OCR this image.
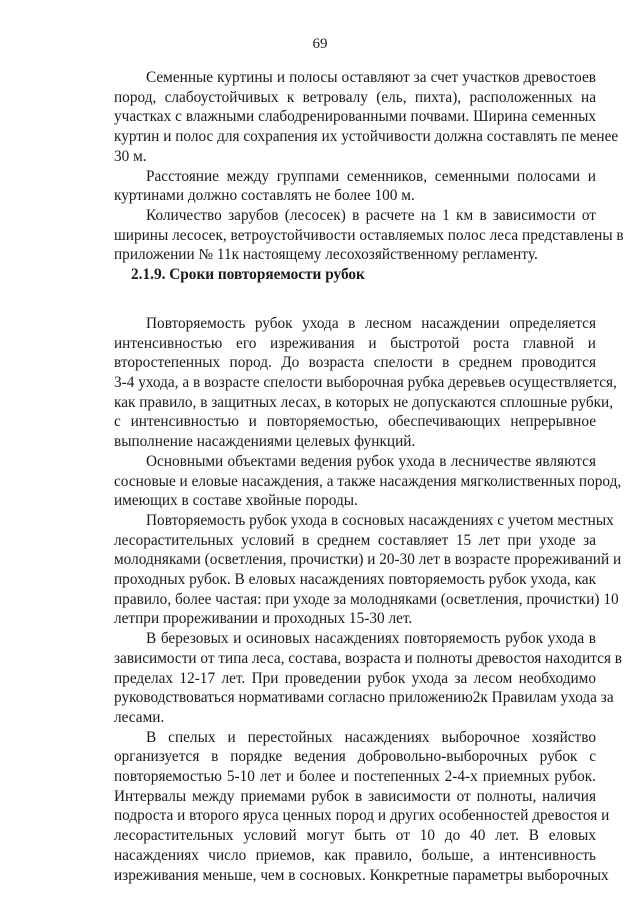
69
Семенные куртины и полосы оставляют за счет участков древостоев
пород, слабоустойчивых к ветровалу (ель, пихта), расположенных на
участках с влажными слабодренированными почвами. Ширина семенных
куртин и полос для сохрапения их устойчивости должна составлять пе менее
30 м.
Расстояние между группами семенников, семенными полосами и
куртинами должно составлять не более 100 м.
Количество зарубов (лесосек) в расчете на 1 км в зависимости от
ширины лесосек, ветроустойчивости оставляемых полос леса представлены в
приложении № 11к настоящему лесохозяйственному регламенту.
2.1.9. Сроки повторяемости рубок
Повторяемость рубок ухода в лесном насаждении определяется
интенсивностью его изреживания и быстротой роста главной и
второстепенных пород. До возраста спелости в среднем проводится
3-4 ухода, а в возрасте спелости выборочная рубка деревьев осуществляется,
как правило, в защитных лесах, в которых не допускаются сплошные рубки,
с интенсивностью и повторяемостью, обеспечивающих непрерывное
выполнение насаждениями целевых функций.
Основными объектами ведения рубок ухода в лесничестве являются
сосновые и еловые насаждения, а также насаждения мягколиственных пород,
имеющих в составе хвойные породы.
Повторяемость рубок ухода в сосновых насаждениях с учетом местных
лесорастительных условий в среднем составляет 15 лет при уходе за
молодняками (осветления, прочистки) и 20-30 лет в возрасте прореживаний и
проходных рубок. В еловых насаждениях повторяемость рубок ухода, как
правило, более частая: при уходе за молодняками (осветления, прочистки) 10
летпри прореживании и проходных 15-30 лет.
В березовых и осиновых насаждениях повторяемость рубок ухода в
зависимости от типа леса, состава, возраста и полноты древостоя находится в
пределах 12-17 лет. При проведении рубок ухода за лесом необходимо
руководствоваться нормативами согласно приложению2к Правилам ухода за
лесами.
В спелых и перестойных насаждениях выборочное хозяйство
организуется в порядке ведения добровольно-выборочных рубок с
повторяемостью 5-10 лет и более и постепенных 2-4-х приемных рубок.
Интервалы между приемами рубок в зависимости от полноты, наличия
подроста и второго яруса ценных пород и других особенностей древостоя и
лесорастительных условий могут быть от 10 до 40 лет. В еловых
насаждениях число приемов, как правило, больше, а интенсивность
изреживания меньше, чем в сосновых. Конкретные параметры выборочных
